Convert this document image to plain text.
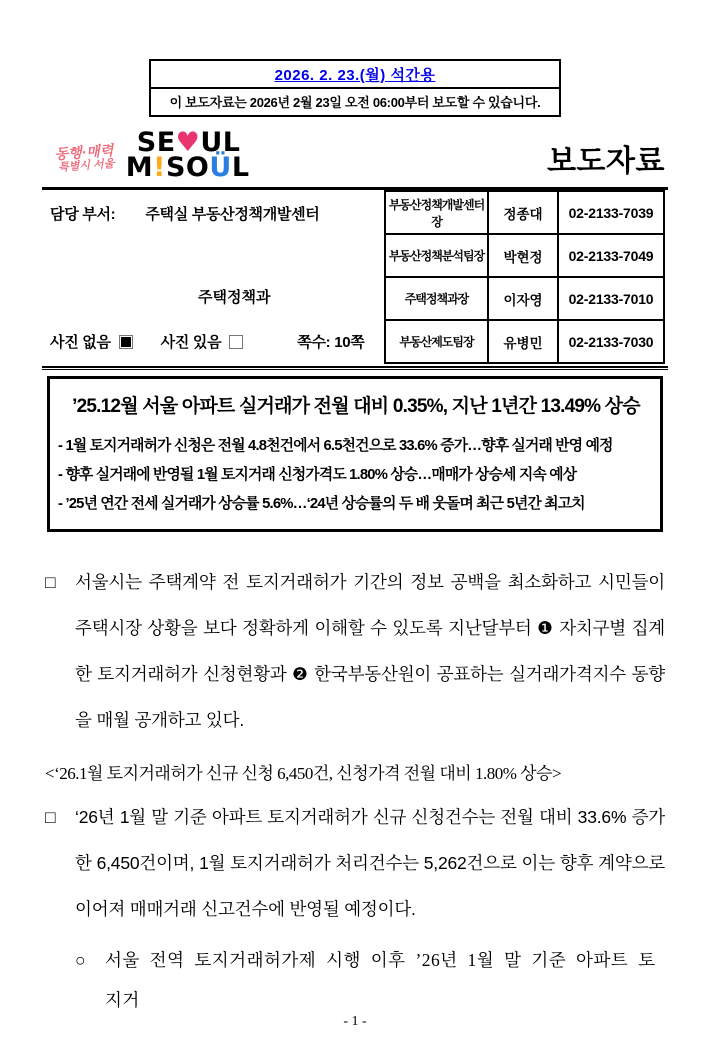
2026. 2. 23.(월) 석간용
이 보도자료는 2026년 2월 23일 오전 06:00부터 보도할 수 있습니다.
동행·매력
특별시 서울
SE♥UL
M!SOÜL	보도자료
담당 부서: 주택실 부동산정책개발센터
주택정책과
사진 없음	사진 있음	쪽수: 10쪽
부동산정책개발센터장	정종대	02-2133-7039
부동산정책분석팀장	박현정	02-2133-7049
주택정책과장	이자영	02-2133-7010
부동산제도팀장	유병민	02-2133-7030
’25.12월 서울 아파트 실거래가 전월 대비 0.35%, 지난 1년간 13.49% 상승
- 1월 토지거래허가 신청은 전월 4.8천건에서 6.5천건으로 33.6% 증가…향후 실거래 반영 예정
- 향후 실거래에 반영될 1월 토지거래 신청가격도 1.80% 상승…매매가 상승세 지속 예상
- ’25년 연간 전세 실거래가 상승률 5.6%…‘24년 상승률의 두 배 웃돌며 최근 5년간 최고치

□ 서울시는 주택계약 전 토지거래허가 기간의 정보 공백을 최소화하고 시민들이 주택시장 상황을 보다 정확하게 이해할 수 있도록 지난달부터 ❶ 자치구별 집계한 토지거래허가 신청현황과 ❷ 한국부동산원이 공표하는 실거래가격지수 동향을 매월 공개하고 있다.

<‘26.1월 토지거래허가 신규 신청 6,450건, 신청가격 전월 대비 1.80% 상승>

□ ‘26년 1월 말 기준 아파트 토지거래허가 신규 신청건수는 전월 대비 33.6% 증가한 6,450건이며, 1월 토지거래허가 처리건수는 5,262건으로 이는 향후 계약으로 이어져 매매거래 신고건수에 반영될 예정이다.

○ 서울 전역 토지거래허가제 시행 이후 ’26년 1월 말 기준 아파트 토지거

- 1 -
